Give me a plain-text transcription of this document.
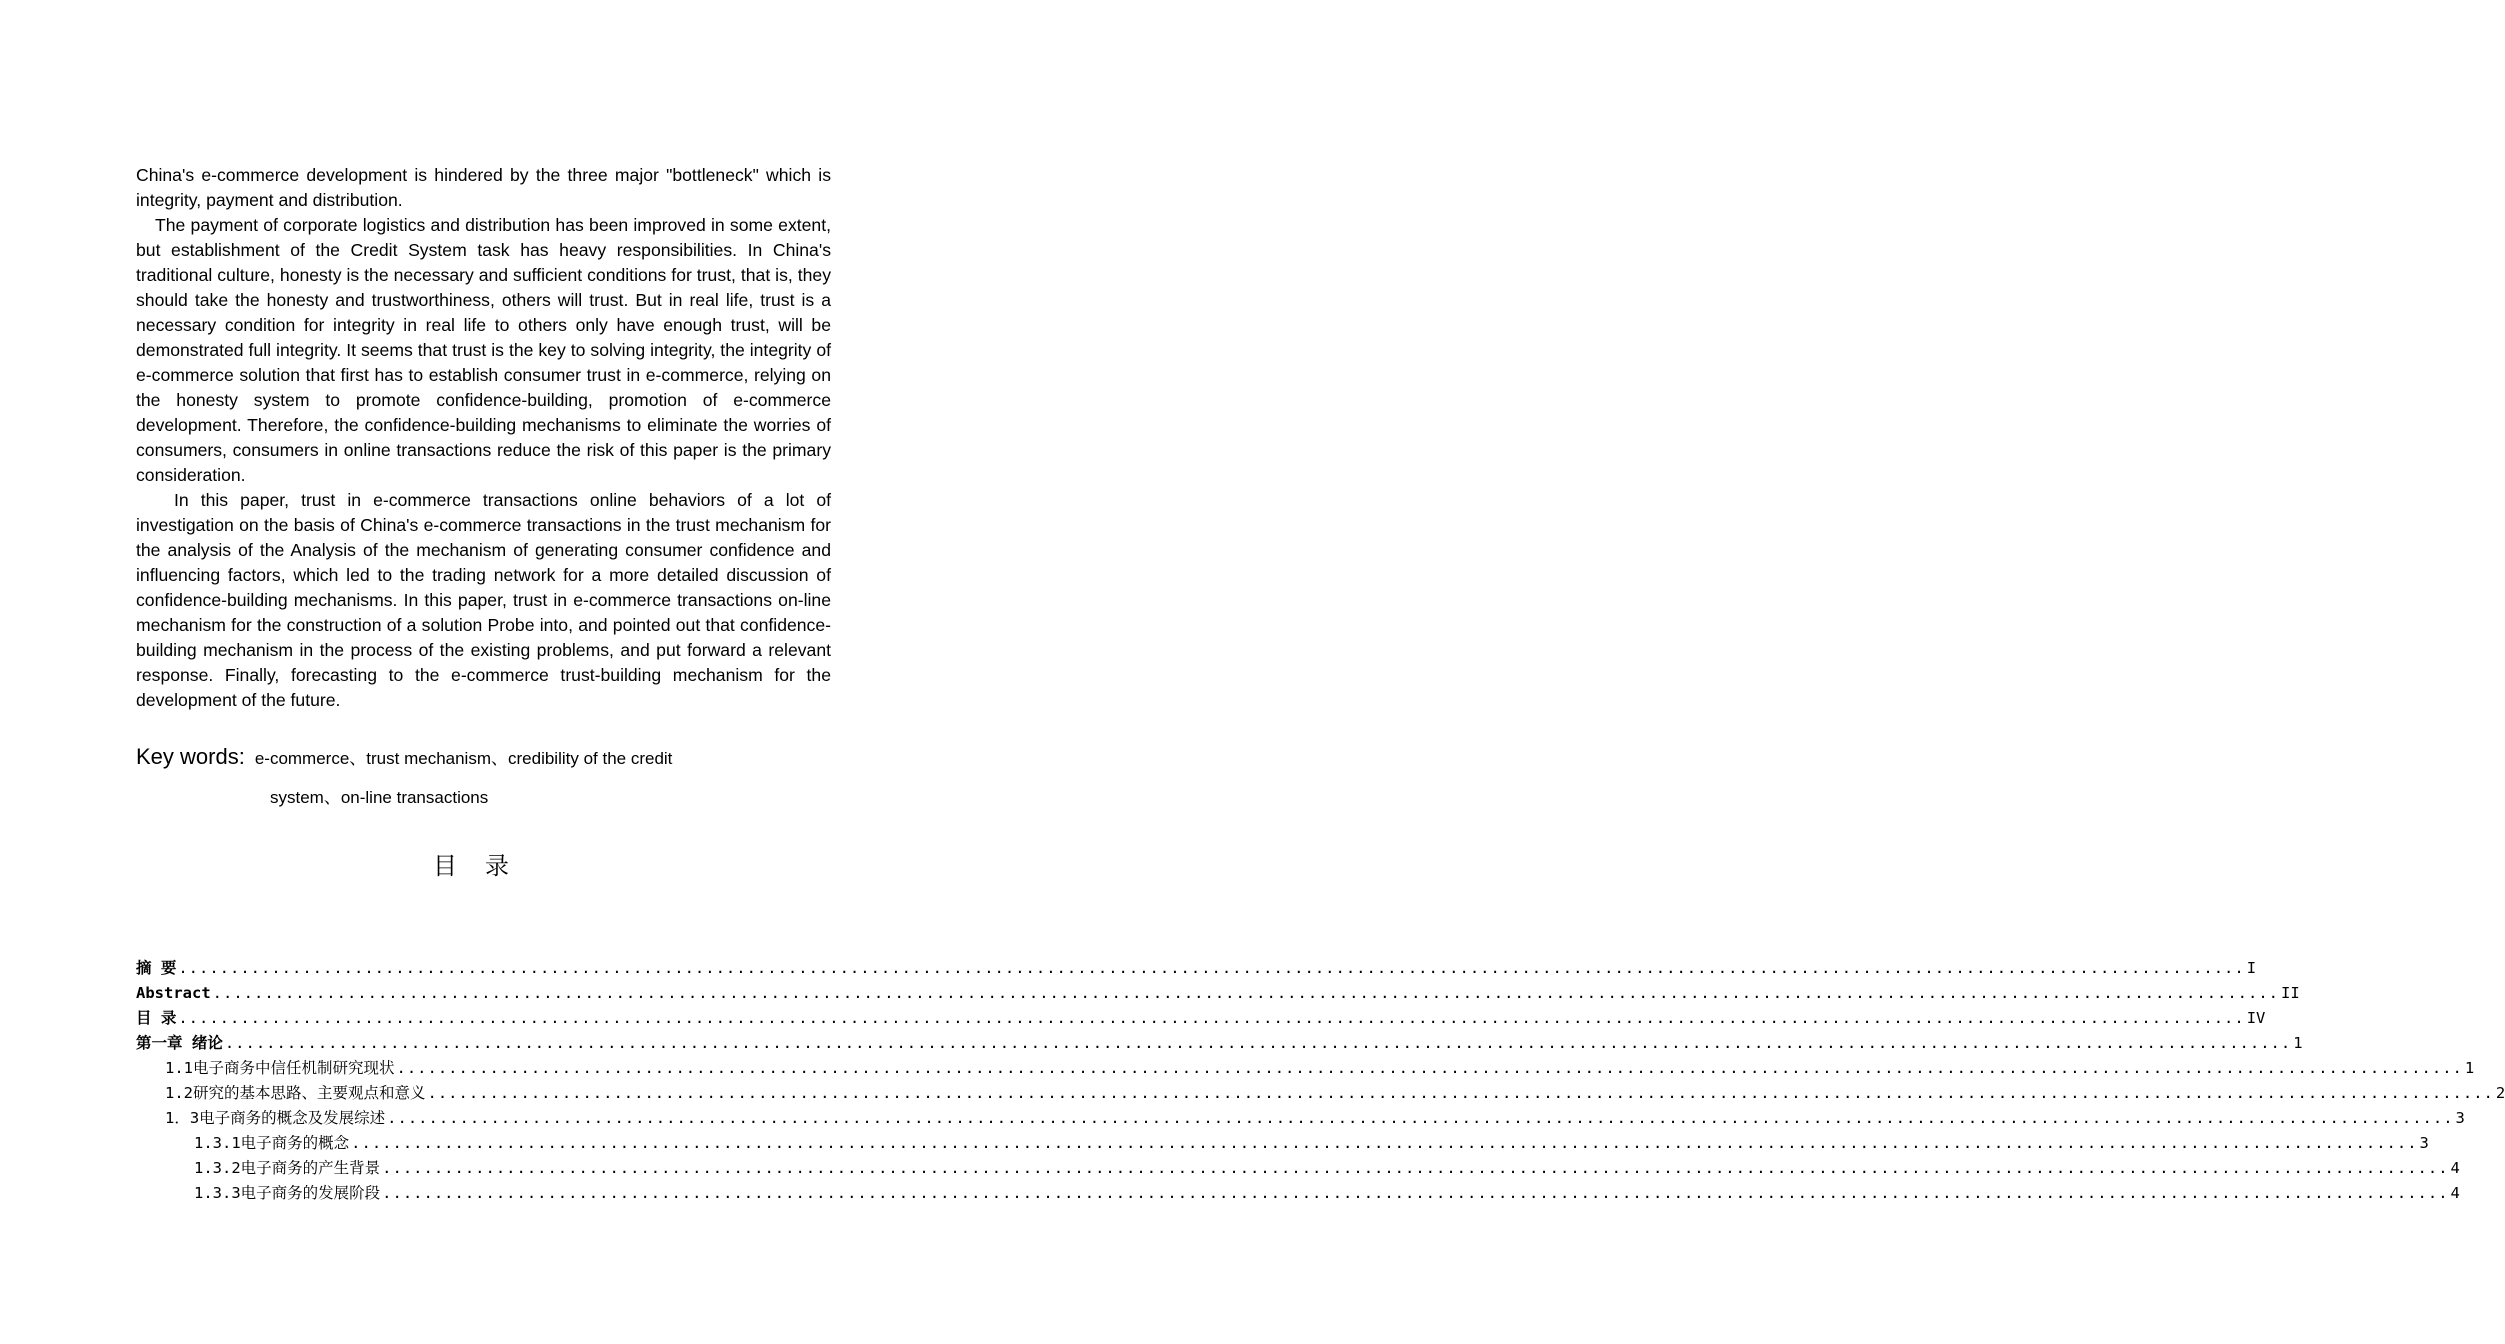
China's e-commerce development is hindered by the three major "bottleneck" which is integrity, payment and distribution.

The payment of corporate logistics and distribution has been improved in some extent, but establishment of the Credit System task has heavy responsibilities. In China's traditional culture, honesty is the necessary and sufficient conditions for trust, that is, they should take the honesty and trustworthiness, others will trust. But in real life, trust is a necessary condition for integrity in real life to others only have enough trust, will be demonstrated full integrity. It seems that trust is the key to solving integrity, the integrity of e-commerce solution that first has to establish consumer trust in e-commerce, relying on the honesty system to promote confidence-building, promotion of e-commerce development. Therefore, the confidence-building mechanisms to eliminate the worries of consumers, consumers in online transactions reduce the risk of this paper is the primary consideration.

In this paper, trust in e-commerce transactions online behaviors of a lot of investigation on the basis of China's e-commerce transactions in the trust mechanism for the analysis of the Analysis of the mechanism of generating consumer confidence and influencing factors, which led to the trading network for a more detailed discussion of confidence-building mechanisms. In this paper, trust in e-commerce transactions on-line mechanism for the construction of a solution Probe into, and pointed out that confidence-building mechanism in the process of the existing problems, and put forward a relevant response. Finally, forecasting to the e-commerce trust-building mechanism for the development of the future.

Key words: e-commerce、trust mechanism、credibility of the credit
system、on-line transactions
目录
摘 要 ........................................................................................................................................................................................................ I
Abstract ........................................................................................................................................................................................................ II
目 录 ........................................................................................................................................................................................................ IV
第一章 绪论 ........................................................................................................................................................................................................ 1
1.1电子商务中信任机制研究现状 ........................................................................................................................................................................................................ 1
1.2研究的基本思路、主要观点和意义 ........................................................................................................................................................................................................ 2
1．3电子商务的概念及发展综述 ........................................................................................................................................................................................................ 3
1.3.1电子商务的概念 ........................................................................................................................................................................................................ 3
1.3.2电子商务的产生背景 ........................................................................................................................................................................................................ 4
1.3.3电子商务的发展阶段 ........................................................................................................................................................................................................ 4
